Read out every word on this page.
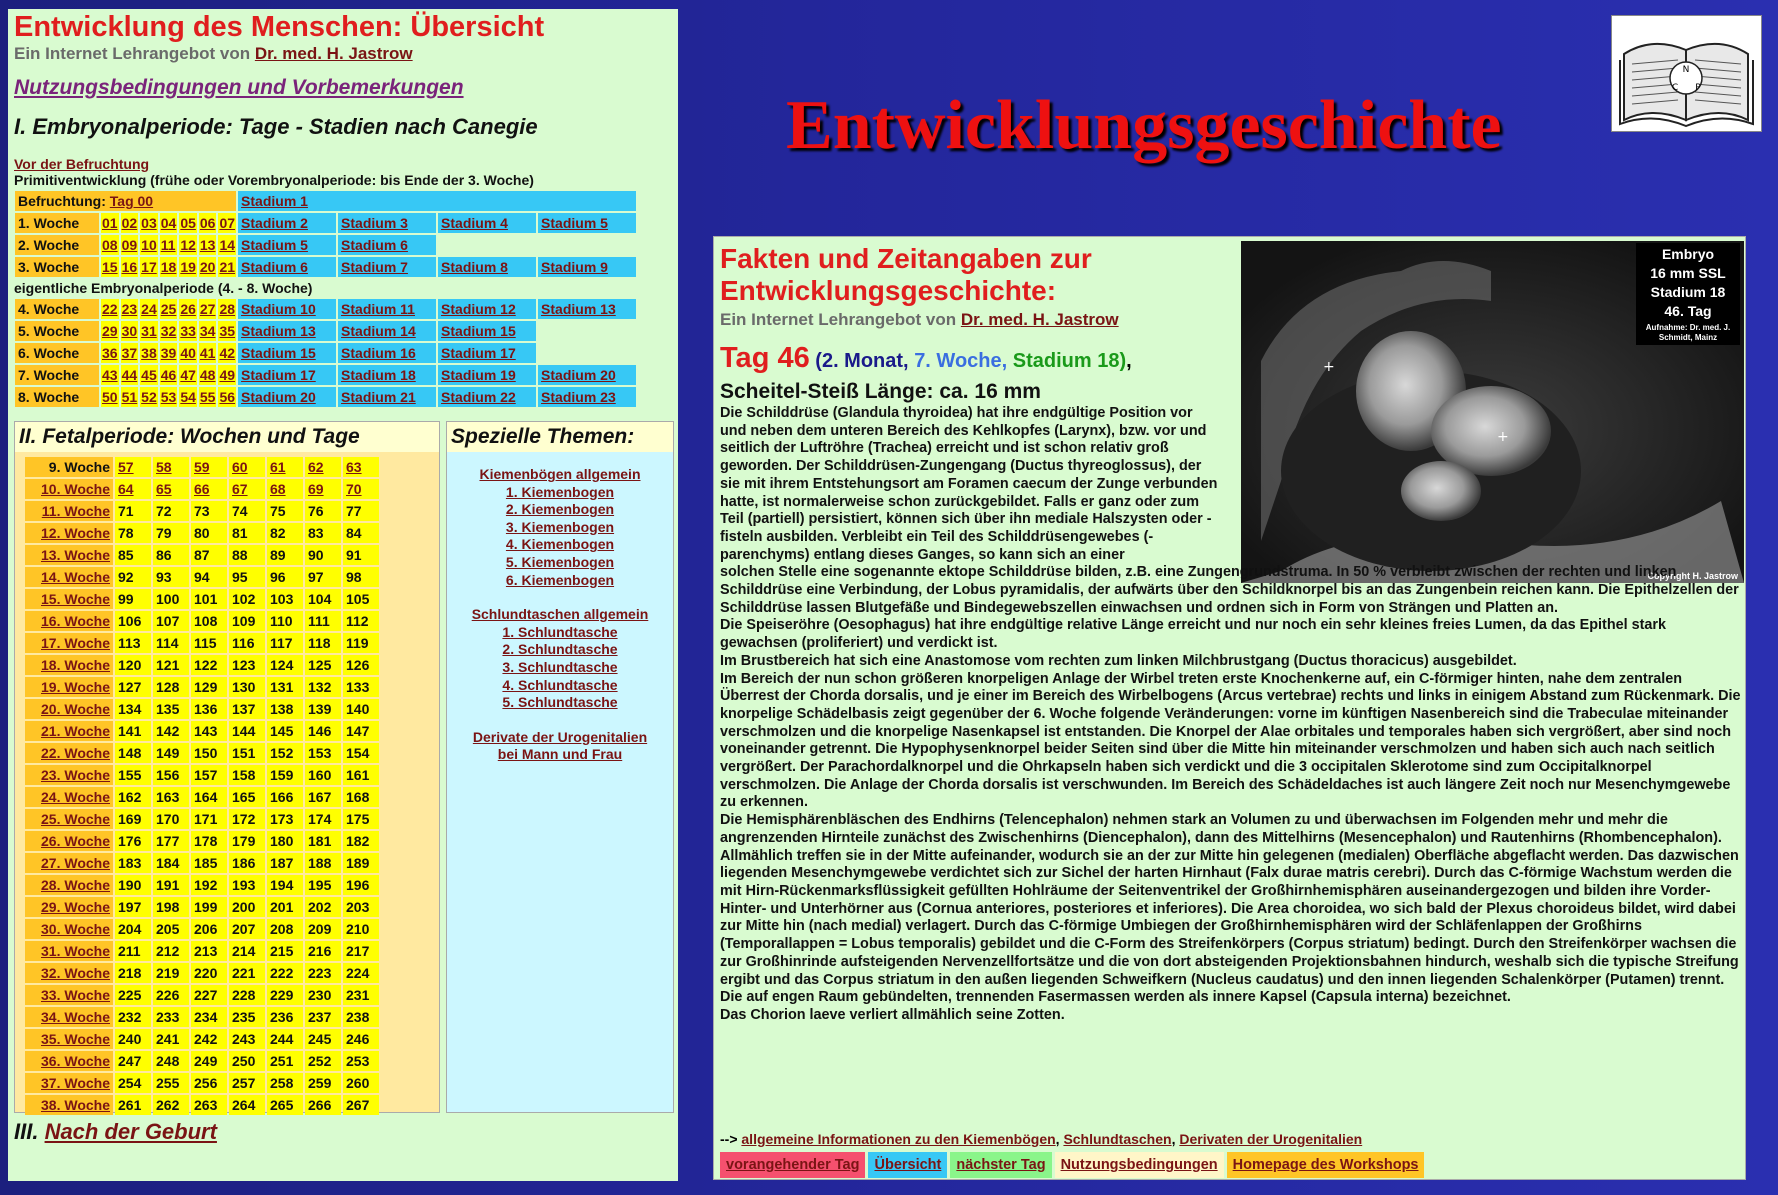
Entwicklung des Menschen: Übersicht
Ein Internet Lehrangebot von Dr. med. H. Jastrow
Nutzungsbedingungen und Vorbemerkungen
I. Embryonalperiode: Tage - Stadien nach Canegie
Vor der Befruchtung
Primitiventwicklung (frühe oder Vorembryonalperiode: bis Ende der 3. Woche)
Befruchtung: Tag 00								Stadium 1			
1. Woche	01	02	03	04	05	06	07	Stadium 2	Stadium 3	Stadium 4	Stadium 5
2. Woche	08	09	10	11	12	13	14	Stadium 5	Stadium 6		
3. Woche	15	16	17	18	19	20	21	Stadium 6	Stadium 7	Stadium 8	Stadium 9
eigentliche Embryonalperiode (4. - 8. Woche)
4. Woche	22	23	24	25	26	27	28	Stadium 10	Stadium 11	Stadium 12	Stadium 13
5. Woche	29	30	31	32	33	34	35	Stadium 13	Stadium 14	Stadium 15	
6. Woche	36	37	38	39	40	41	42	Stadium 15	Stadium 16	Stadium 17	
7. Woche	43	44	45	46	47	48	49	Stadium 17	Stadium 18	Stadium 19	Stadium 20
8. Woche	50	51	52	53	54	55	56	Stadium 20	Stadium 21	Stadium 22	Stadium 23
II. Fetalperiode: Wochen und Tage
9. Woche	57	58	59	60	61	62	63
10. Woche	64	65	66	67	68	69	70
11. Woche	71	72	73	74	75	76	77
12. Woche	78	79	80	81	82	83	84
13. Woche	85	86	87	88	89	90	91
14. Woche	92	93	94	95	96	97	98
15. Woche	99	100	101	102	103	104	105
16. Woche	106	107	108	109	110	111	112
17. Woche	113	114	115	116	117	118	119
18. Woche	120	121	122	123	124	125	126
19. Woche	127	128	129	130	131	132	133
20. Woche	134	135	136	137	138	139	140
21. Woche	141	142	143	144	145	146	147
22. Woche	148	149	150	151	152	153	154
23. Woche	155	156	157	158	159	160	161
24. Woche	162	163	164	165	166	167	168
25. Woche	169	170	171	172	173	174	175
26. Woche	176	177	178	179	180	181	182
27. Woche	183	184	185	186	187	188	189
28. Woche	190	191	192	193	194	195	196
29. Woche	197	198	199	200	201	202	203
30. Woche	204	205	206	207	208	209	210
31. Woche	211	212	213	214	215	216	217
32. Woche	218	219	220	221	222	223	224
33. Woche	225	226	227	228	229	230	231
34. Woche	232	233	234	235	236	237	238
35. Woche	240	241	242	243	244	245	246
36. Woche	247	248	249	250	251	252	253
37. Woche	254	255	256	257	258	259	260
38. Woche	261	262	263	264	265	266	267
Spezielle Themen:
Kiemenbögen allgemein
1. Kiemenbogen
2. Kiemenbogen
3. Kiemenbogen
4. Kiemenbogen
5. Kiemenbogen
6. Kiemenbogen
Schlundtaschen allgemein
1. Schlundtasche
2. Schlundtasche
3. Schlundtasche
4. Schlundtasche
5. Schlundtasche
Derivate der Urogenitalien
bei Mann und Frau
III. Nach der Geburt
Entwicklungsgeschichte
N
C P
Fakten und Zeitangaben zur Entwicklungsgeschichte:
Ein Internet Lehrangebot von Dr. med. H. Jastrow
Tag 46 (2. Monat, 7. Woche, Stadium 18),
Scheitel-Steiß Länge: ca. 16 mm
+
+
Embryo
16 mm SSL
Stadium 18
46. Tag
Aufnahme: Dr. med. J. Schmidt, Mainz
Copyright H. Jastrow
Die Schilddrüse (Glandula thyroidea) hat ihre endgültige Position vor und neben dem unteren Bereich des Kehlkopfes (Larynx), bzw. vor und seitlich der Luftröhre (Trachea) erreicht und ist schon relativ groß geworden. Der Schilddrüsen-Zungengang (Ductus thyreoglossus), der sie mit ihrem Entstehungsort am Foramen caecum der Zunge verbunden hatte, ist normalerweise schon zurückgebildet. Falls er ganz oder zum Teil (partiell) persistiert, können sich über ihn mediale Halszysten oder -fisteln ausbilden. Verbleibt ein Teil des Schilddrüsengewebes (-parenchyms) entlang dieses Ganges, so kann sich an einer
solchen Stelle eine sogenannte ektope Schilddrüse bilden, z.B. eine Zungengrundstruma. In 50 % verbleibt zwischen der rechten und linken Schilddrüse eine Verbindung, der Lobus pyramidalis, der aufwärts über den Schildknorpel bis an das Zungenbein reichen kann. Die Epithelzellen der Schilddrüse lassen Blutgefäße und Bindegewebszellen einwachsen und ordnen sich in Form von Strängen und Platten an.
Die Speiseröhre (Oesophagus) hat ihre endgültige relative Länge erreicht und nur noch ein sehr kleines freies Lumen, da das Epithel stark gewachsen (proliferiert) und verdickt ist.
Im Brustbereich hat sich eine Anastomose vom rechten zum linken Milchbrustgang (Ductus thoracicus) ausgebildet.
Im Bereich der nun schon größeren knorpeligen Anlage der Wirbel treten erste Knochenkerne auf, ein C-förmiger hinten, nahe dem zentralen Überrest der Chorda dorsalis, und je einer im Bereich des Wirbelbogens (Arcus vertebrae) rechts und links in einigem Abstand zum Rückenmark. Die knorpelige Schädelbasis zeigt gegenüber der 6. Woche folgende Veränderungen: vorne im künftigen Nasenbereich sind die Trabeculae miteinander verschmolzen und die knorpelige Nasenkapsel ist entstanden. Die Knorpel der Alae orbitales und temporales haben sich vergrößert, aber sind noch voneinander getrennt. Die Hypophysenknorpel beider Seiten sind über die Mitte hin miteinander verschmolzen und haben sich auch nach seitlich vergrößert. Der Parachordalknorpel und die Ohrkapseln haben sich verdickt und die 3 occipitalen Sklerotome sind zum Occipitalknorpel verschmolzen. Die Anlage der Chorda dorsalis ist verschwunden. Im Bereich des Schädeldaches ist auch längere Zeit noch nur Mesenchymgewebe zu erkennen.
Die Hemisphärenbläschen des Endhirns (Telencephalon) nehmen stark an Volumen zu und überwachsen im Folgenden mehr und mehr die angrenzenden Hirnteile zunächst des Zwischenhirns (Diencephalon), dann des Mittelhirns (Mesencephalon) und Rautenhirns (Rhombencephalon). Allmählich treffen sie in der Mitte aufeinander, wodurch sie an der zur Mitte hin gelegenen (medialen) Oberfläche abgeflacht werden. Das dazwischen liegenden Mesenchymgewebe verdichtet sich zur Sichel der harten Hirnhaut (Falx durae matris cerebri). Durch das C-förmige Wachstum werden die mit Hirn-Rückenmarksflüssigkeit gefüllten Hohlräume der Seitenventrikel der Großhirnhemisphären auseinandergezogen und bilden ihre Vorder- Hinter- und Unterhörner aus (Cornua anteriores, posteriores et inferiores). Die Area choroidea, wo sich bald der Plexus choroideus bildet, wird dabei zur Mitte hin (nach medial) verlagert. Durch das C-förmige Umbiegen der Großhirnhemisphären wird der Schläfenlappen der Großhirns (Temporallappen = Lobus temporalis) gebildet und die C-Form des Streifenkörpers (Corpus striatum) bedingt. Durch den Streifenkörper wachsen die zur Großhinrinde aufsteigenden Nervenzellfortsätze und die von dort absteigenden Projektionsbahnen hindurch, weshalb sich die typische Streifung ergibt und das Corpus striatum in den außen liegenden Schweifkern (Nucleus caudatus) und den innen liegenden Schalenkörper (Putamen) trennt. Die auf engen Raum gebündelten, trennenden Fasermassen werden als innere Kapsel (Capsula interna) bezeichnet.
Das Chorion laeve verliert allmählich seine Zotten.
--> allgemeine Informationen zu den Kiemenbögen, Schlundtaschen, Derivaten der Urogenitalien
vorangehender Tag	Übersicht	nächster Tag	Nutzungsbedingungen	Homepage des Workshops
